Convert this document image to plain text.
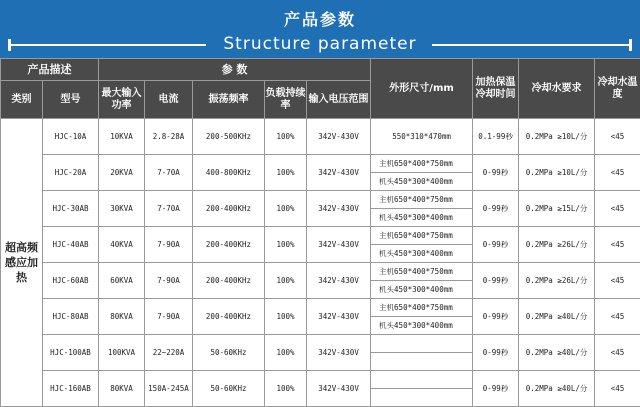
产品参数
Structure parameter
产品描述		参 数					外形尺寸/mm	加热保温冷却时间	冷却水要求	冷却水温度
类别	型号	最大输入功率	电流	振荡频率	负载持续率	输入电压范围				
超高频感应加热	HJC-10A	10KVA	2.8-28A	200-500KHz	100%	342V-430V	550*310*470mm	0.1-99秒	0.2MPa ≥10L/分	<45

	HJC-20A	20KVA	7-70A	400-800KHz	100%	342V-430V	主机650*400*750mm	0-99秒	0.2MPa ≥10L/分	<45
							机头450*300*400mm			
	HJC-30AB	30KVA	7-70A	200-400KHz	100%	342V-430V	主机650*400*750mm	0-99秒	0.2MPa ≥15L/分	<45
							机头450*300*400mm			
	HJC-40AB	40KVA	7-90A	200-400KHz	100%	342V-430V	主机650*400*750mm	0-99秒	0.2MPa ≥26L/分	<45
							机头450*300*400mm			
	HJC-60AB	60KVA	7-90A	200-400KHz	100%	342V-430V	主机650*400*750mm	0-99秒	0.2MPa ≥26L/分	<45
							机头450*300*400mm			
	HJC-80AB	80KVA	7-90A	200-400KHz	100%	342V-430V	主机650*400*750mm	0-99秒	0.2MPa ≥40L/分	<45
							机头450*300*400mm			
	HJC-100AB	100KVA	22~220A	50-60KHz	100%	342V-430V		0-99秒	0.2MPa ≥40L/分	<45

	HJC-160AB	80KVA	150A-245A	50-60KHz	100%	342V-430V		0-99秒	0.2MPa ≥40L/分	<45
